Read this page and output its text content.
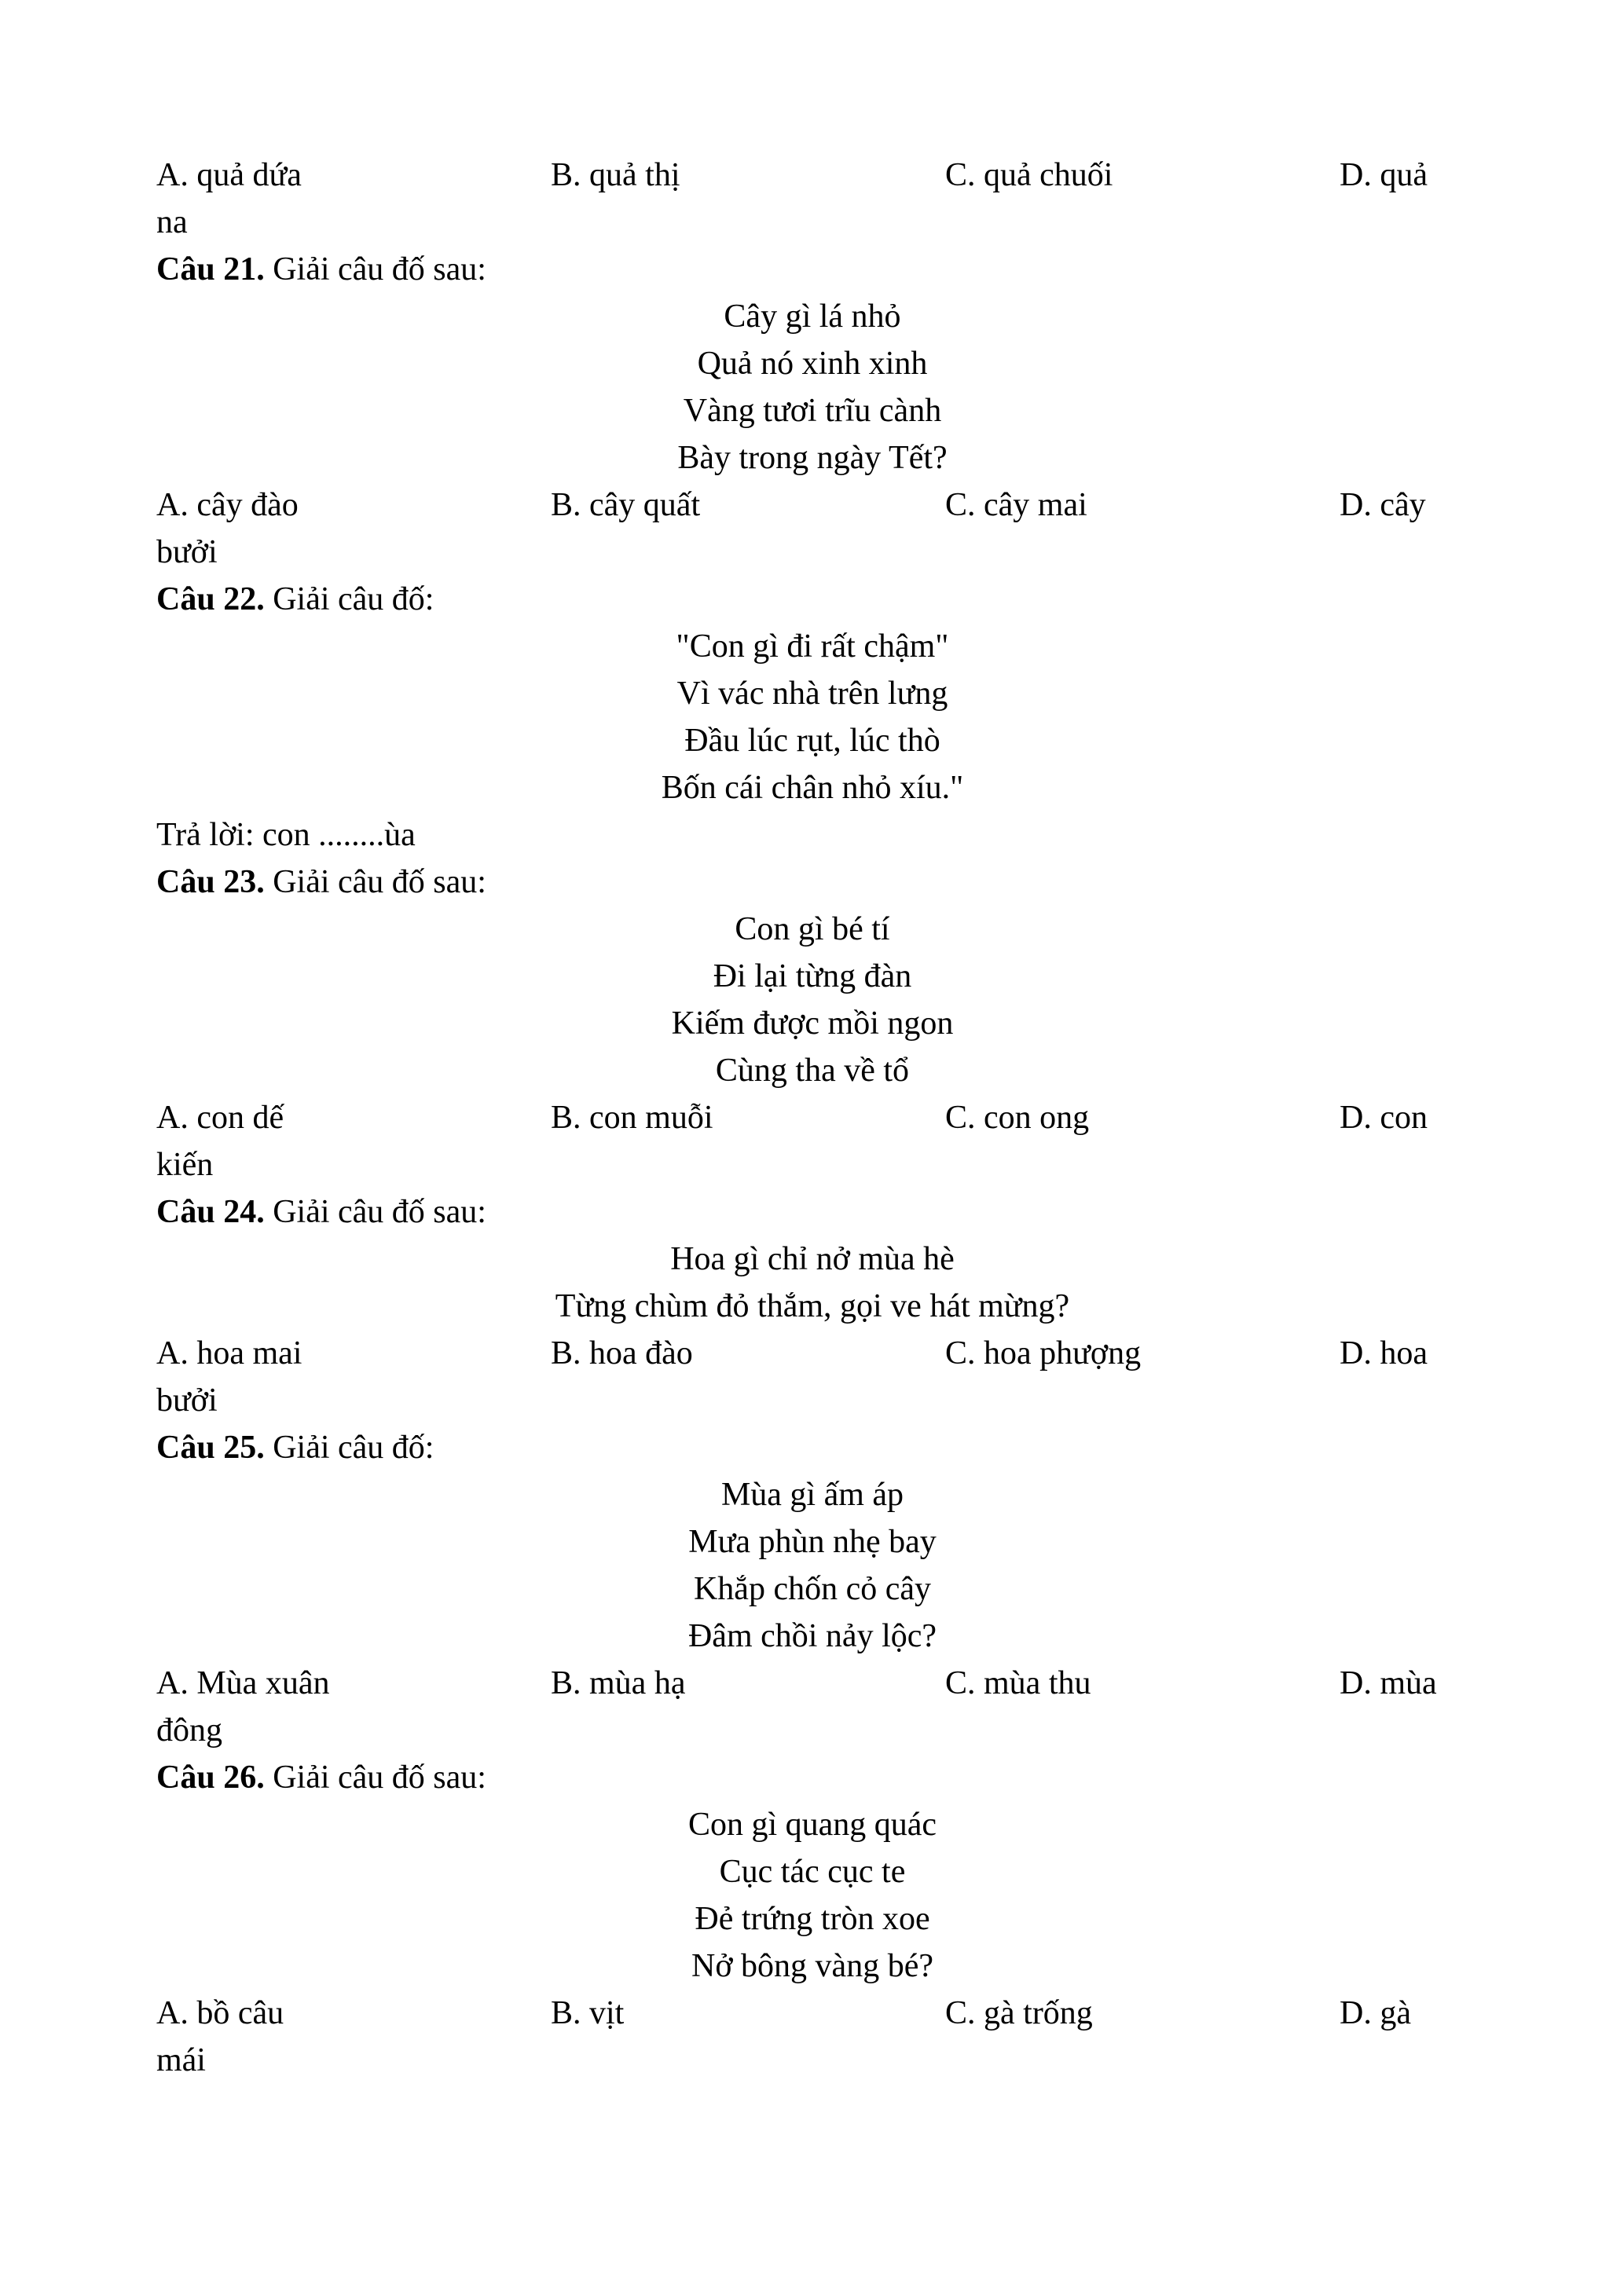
A. quả dứa	B. quả thị	C. quả chuối	D. quả
na
Câu 21. Giải câu đố sau:
Cây gì lá nhỏ
Quả nó xinh xinh
Vàng tươi trĩu cành
Bày trong ngày Tết?
A. cây đào	B. cây quất	C. cây mai	D. cây
bưởi
Câu 22. Giải câu đố:
"Con gì đi rất chậm"
Vì vác nhà trên lưng
Đầu lúc rụt, lúc thò
Bốn cái chân nhỏ xíu."
Trả lời: con ........ùa
Câu 23. Giải câu đố sau:
Con gì bé tí
Đi lại từng đàn
Kiếm được mồi ngon
Cùng tha về tổ
A. con dế	B. con muỗi	C. con ong	D. con
kiến
Câu 24. Giải câu đố sau:
Hoa gì chỉ nở mùa hè
Từng chùm đỏ thắm, gọi ve hát mừng?
A. hoa mai	B. hoa đào	C. hoa phượng	D. hoa
bưởi
Câu 25. Giải câu đố:
Mùa gì ấm áp
Mưa phùn nhẹ bay
Khắp chốn cỏ cây
Đâm chồi nảy lộc?
A. Mùa xuân	B. mùa hạ	C. mùa thu	D. mùa
đông
Câu 26. Giải câu đố sau:
Con gì quang quác
Cục tác cục te
Đẻ trứng tròn xoe
Nở bông vàng bé?
A. bồ câu	B. vịt	C. gà trống	D. gà
mái
